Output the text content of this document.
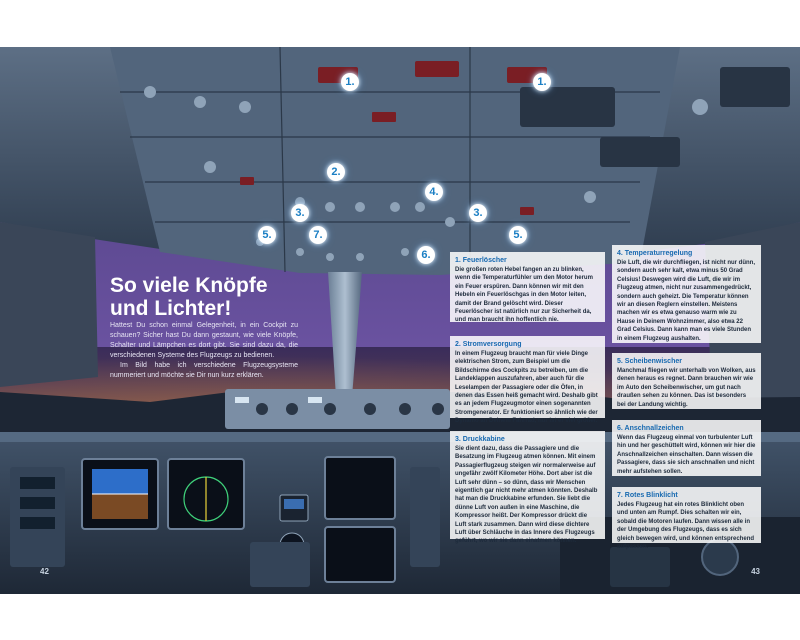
1.	1.
2.
4.
3.	3.
5.	7.	5.
6.
So viele Knöpfe
und Lichter!

Hattest Du schon einmal Gelegenheit, in ein Cockpit zu schauen? Sicher hast Du dann gestaunt, wie viele Knöpfe, Schalter und Lämpchen es dort gibt. Sie sind dazu da, die verschiedenen Systeme des Flugzeugs zu bedienen.

Im Bild habe ich verschiedene Flugzeugsysteme nummeriert und möchte sie Dir nun kurz erklären.

1. Feuerlöscher

Die großen roten Hebel fangen an zu blinken, wenn die Temperaturfühler um den Motor herum ein Feuer erspüren. Dann können wir mit den Hebeln ein Feuerlöschgas in den Motor leiten, damit der Brand gelöscht wird. Dieser Feuerlöscher ist natürlich nur zur Sicherheit da, und man braucht ihn hoffentlich nie.

2. Stromversorgung

In einem Flugzeug braucht man für viele Dinge elektrischen Strom, zum Beispiel um die Bildschirme des Cockpits zu betreiben, um die Landeklappen auszufahren, aber auch für die Leselampen der Passagiere oder die Öfen, in denen das Essen heiß gemacht wird. Deshalb gibt es an jedem Flugzeugmotor einen sogenannten Stromgenerator. Er funktioniert so ähnlich wie der Dynamo an Deinem Fahrrad, nur ist er viel größer.

3. Druckkabine

Sie dient dazu, dass die Passagiere und die Besatzung im Flugzeug atmen können. Mit einem Passagierflugzeug steigen wir normalerweise auf ungefähr zwölf Kilometer Höhe. Dort aber ist die Luft sehr dünn – so dünn, dass wir Menschen eigentlich gar nicht mehr atmen könnten. Deshalb hat man die Druckkabine erfunden. Sie liebt die dünne Luft von außen in eine Maschine, die Kompressor heißt. Der Kompressor drückt die Luft stark zusammen. Dann wird diese dichtere Luft über Schläuche in das Innere des Flugzeugs geführt, wo wir sie dann einatmen können.

4. Temperaturregelung

Die Luft, die wir durchfliegen, ist nicht nur dünn, sondern auch sehr kalt, etwa minus 50 Grad Celsius! Deswegen wird die Luft, die wir im Flugzeug atmen, nicht nur zusammengedrückt, sondern auch geheizt. Die Temperatur können wir an diesen Reglern einstellen. Meistens machen wir es etwa genauso warm wie zu Hause in Deinem Wohnzimmer, also etwa 22 Grad Celsius. Dann kann man es viele Stunden in einem Flugzeug aushalten.

5. Scheibenwischer

Manchmal fliegen wir unterhalb von Wolken, aus denen heraus es regnet. Dann brauchen wir wie im Auto den Scheibenwischer, um gut nach draußen sehen zu können. Das ist besonders bei der Landung wichtig.

6. Anschnallzeichen

Wenn das Flugzeug einmal von turbulenter Luft hin und her geschüttelt wird, können wir hier die Anschnallzeichen einschalten. Dann wissen die Passagiere, dass sie sich anschnallen und nicht mehr aufstehen sollen.

7. Rotes Blinklicht

Jedes Flugzeug hat ein rotes Blinklicht oben und unten am Rumpf. Dies schalten wir ein, sobald die Motoren laufen. Dann wissen alle in der Umgebung des Flugzeugs, dass es sich gleich bewegen wird, und können entsprechend aufpassen.

42	43
